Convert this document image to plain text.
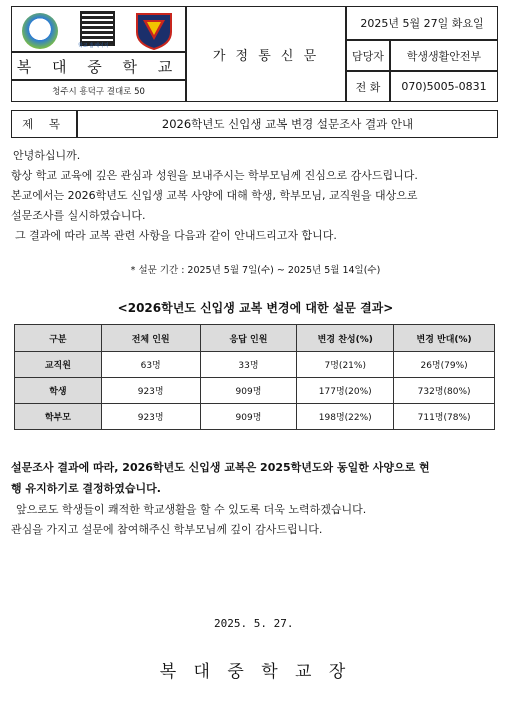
학교 홈페이지
복 대 중 학 교
청주시 흥덕구 결대로 50
가 정 통 신 문
2025년 5월 27일 화요일
담당자	학생생활안전부
전 화	070)5005-0831
제 목	2026학년도 신입생 교복 변경 설문조사 결과 안내
안녕하십니까.
항상 학교 교육에 깊은 관심과 성원을 보내주시는 학부모님께 진심으로 감사드립니다.
본교에서는 2026학년도 신입생 교복 사양에 대해 학생, 학부모님, 교직원을 대상으로
설문조사를 실시하였습니다.
그 결과에 따라 교복 관련 사항을 다음과 같이 안내드리고자 합니다.
* 설문 기간 : 2025년 5월 7일(수) ~ 2025년 5월 14일(수)
<2026학년도 신입생 교복 변경에 대한 설문 결과>
구분	전체 인원	응답 인원	변경 찬성(%)	변경 반대(%)
교직원	63명	33명	7명(21%)	26명(79%)
학생	923명	909명	177명(20%)	732명(80%)
학부모	923명	909명	198명(22%)	711명(78%)
설문조사 결과에 따라, 2026학년도 신입생 교복은 2025학년도와 동일한 사양으로 현
행 유지하기로 결정하였습니다.
앞으로도 학생들이 쾌적한 학교생활을 할 수 있도록 더욱 노력하겠습니다.
관심을 가지고 설문에 참여해주신 학부모님께 깊이 감사드립니다.
2025. 5. 27.
복 대 중 학 교 장
